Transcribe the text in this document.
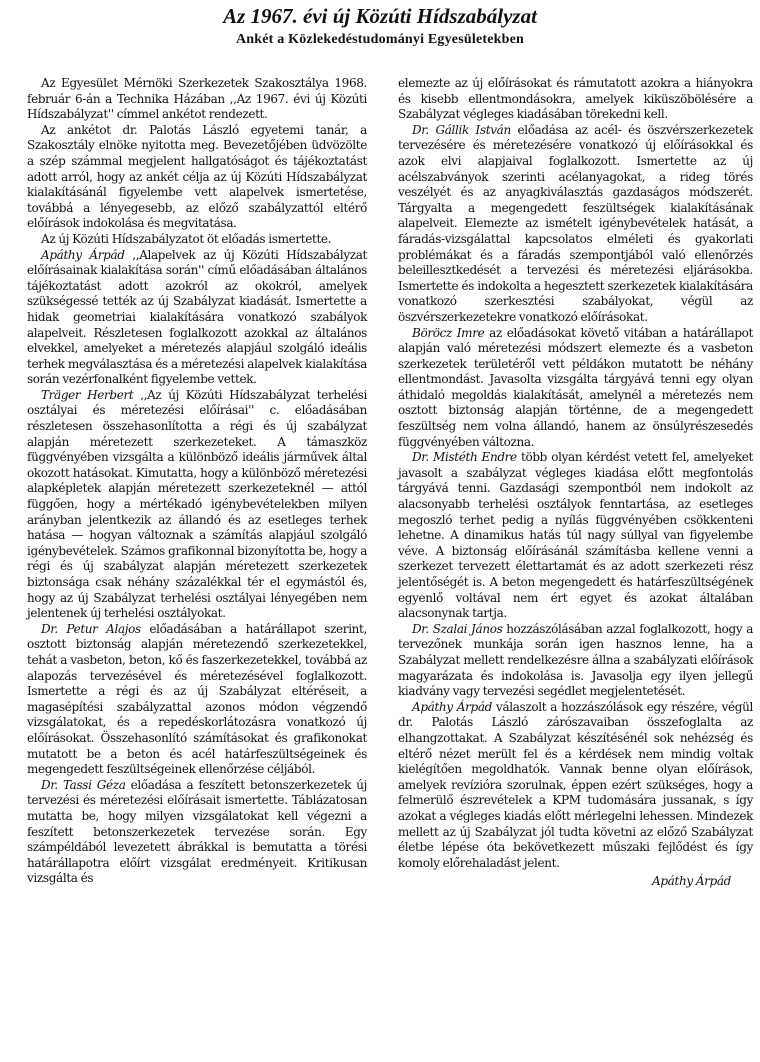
Az 1967. évi új Közúti Hídszabályzat
Ankét a Közlekedéstudományi Egyesületekben

Az Egyesület Mérnöki Szerkezetek Szakosztálya 1968. február 6-án a Technika Házában ,,Az 1967. évi új Közúti Hídszabályzat'' címmel ankétot rendezett.

Az ankétot dr. Palotás László egyetemi tanár, a Szakosztály elnöke nyitotta meg. Bevezetőjében üdvözölte a szép számmal megjelent hallgatóságot és tájékoztatást adott arról, hogy az ankét célja az új Közúti Hídszabályzat kialakításánál figyelembe vett alapelvek ismertetése, továbbá a lényegesebb, az előző szabályzattól eltérő előírások indokolása és megvitatása.

Az új Közúti Hídszabályzatot öt előadás ismertette.

Apáthy Árpád ,,Alapelvek az új Közúti Hídszabályzat előírásainak kialakítása során'' című előadásában általános tájékoztatást adott azokról az okokról, amelyek szükségessé tették az új Szabályzat kiadását. Ismertette a hidak geometriai kialakítására vonatkozó szabályok alapelveit. Részletesen foglalkozott azokkal az általános elvekkel, amelyeket a méretezés alapjául szolgáló ideális terhek megválasztása és a méretezési alapelvek kialakítása során vezérfonalként figyelembe vettek.

Träger Herbert ,,Az új Közúti Hídszabályzat terhelési osztályai és méretezési előírásai'' c. előadásában részletesen összehasonlította a régi és új szabályzat alapján méretezett szerkezeteket. A támaszköz függvényében vizsgálta a különböző ideális járművek által okozott hatásokat. Kimutatta, hogy a különböző méretezési alapképletek alapján méretezett szerkezeteknél — attól függően, hogy a mértékadó igénybevételekben milyen arányban jelentkezik az állandó és az esetleges terhek hatása — hogyan változnak a számítás alapjául szolgáló igénybevételek. Számos grafikonnal bizonyította be, hogy a régi és új szabályzat alapján méretezett szerkezetek biztonsága csak néhány százalékkal tér el egymástól és, hogy az új Szabályzat terhelési osztályai lényegében nem jelentenek új terhelési osztályokat.

Dr. Petur Alajos előadásában a határállapot szerint, osztott biztonság alapján méretezendő szerkezetekkel, tehát a vasbeton, beton, kő és faszerkezetekkel, továbbá az alapozás tervezésével és méretezésével foglalkozott. Ismertette a régi és az új Szabályzat eltéréseit, a magasépítési szabályzattal azonos módon végzendő vizsgálatokat, és a repedéskorlátozásra vonatkozó új előírásokat. Összehasonlító számításokat és grafikonokat mutatott be a beton és acél határfeszültségeinek és megengedett feszültségeinek ellenőrzése céljából.

Dr. Tassi Géza előadása a feszített betonszerkezetek új tervezési és méretezési előírásait ismertette. Táblázatosan mutatta be, hogy milyen vizsgálatokat kell végezni a feszített betonszerkezetek tervezése során. Egy számpéldából levezetett ábrákkal is bemutatta a törési határállapotra előírt vizsgálat eredményeit. Kritikusan vizsgálta és

elemezte az új előírásokat és rámutatott azokra a hiányokra és kisebb ellentmondásokra, amelyek kiküszöbölésére a Szabályzat végleges kiadásában törekedni kell.

Dr. Gállik István előadása az acél- és öszvérszerkezetek tervezésére és méretezésére vonatkozó új előírásokkal és azok elvi alapjaival foglalkozott. Ismertette az új acélszabványok szerinti acélanyagokat, a rideg törés veszélyét és az anyagkiválasztás gazdaságos módszerét. Tárgyalta a megengedett feszültségek kialakításának alapelveit. Elemezte az ismételt igénybevételek hatását, a fáradás-vizsgálattal kapcsolatos elméleti és gyakorlati problémákat és a fáradás szempontjából való ellenőrzés beleillesztkedését a tervezési és méretezési eljárásokba. Ismertette és indokolta a hegesztett szerkezetek kialakítására vonatkozó szerkesztési szabályokat, végül az öszvérszerkezetekre vonatkozó előírásokat.

Böröcz Imre az előadásokat követő vitában a határállapot alapján való méretezési módszert elemezte és a vasbeton szerkezetek területéről vett példákon mutatott be néhány ellentmondást. Javasolta vizsgálta tárgyává tenni egy olyan áthidaló megoldás kialakítását, amelynél a méretezés nem osztott biztonság alapján történne, de a megengedett feszültség nem volna állandó, hanem az önsúlyrészesedés függvényében változna.

Dr. Mistéth Endre több olyan kérdést vetett fel, amelyeket javasolt a szabályzat végleges kiadása előtt megfontolás tárgyává tenni. Gazdasági szempontból nem indokolt az alacsonyabb terhelési osztályok fenntartása, az esetleges megoszló terhet pedig a nyílás függvényében csökkenteni lehetne. A dinamikus hatás túl nagy súllyal van figyelembe véve. A biztonság előírásánál számításba kellene venni a szerkezet tervezett élettartamát és az adott szerkezeti rész jelentőségét is. A beton megengedett és határfeszültségének egyenlő voltával nem ért egyet és azokat általában alacsonynak tartja.

Dr. Szalai János hozzászólásában azzal foglalkozott, hogy a tervezőnek munkája során igen hasznos lenne, ha a Szabályzat mellett rendelkezésre állna a szabályzati előírások magyarázata és indokolása is. Javasolja egy ilyen jellegű kiadvány vagy tervezési segédlet megjelentetését.

Apáthy Árpád válaszolt a hozzászólások egy részére, végül dr. Palotás László zárószavaiban összefoglalta az elhangzottakat. A Szabályzat készítésénél sok nehézség és eltérő nézet merült fel és a kérdések nem mindig voltak kielégítően megoldhatók. Vannak benne olyan előírások, amelyek revízióra szorulnak, éppen ezért szükséges, hogy a felmerülő észrevételek a KPM tudomására jussanak, s így azokat a végleges kiadás előtt mérlegelni lehessen. Mindezek mellett az új Szabályzat jól tudta követni az előző Szabályzat életbe lépése óta bekövetkezett műszaki fejlődést és így komoly előrehaladást jelent.

Apáthy Árpád
